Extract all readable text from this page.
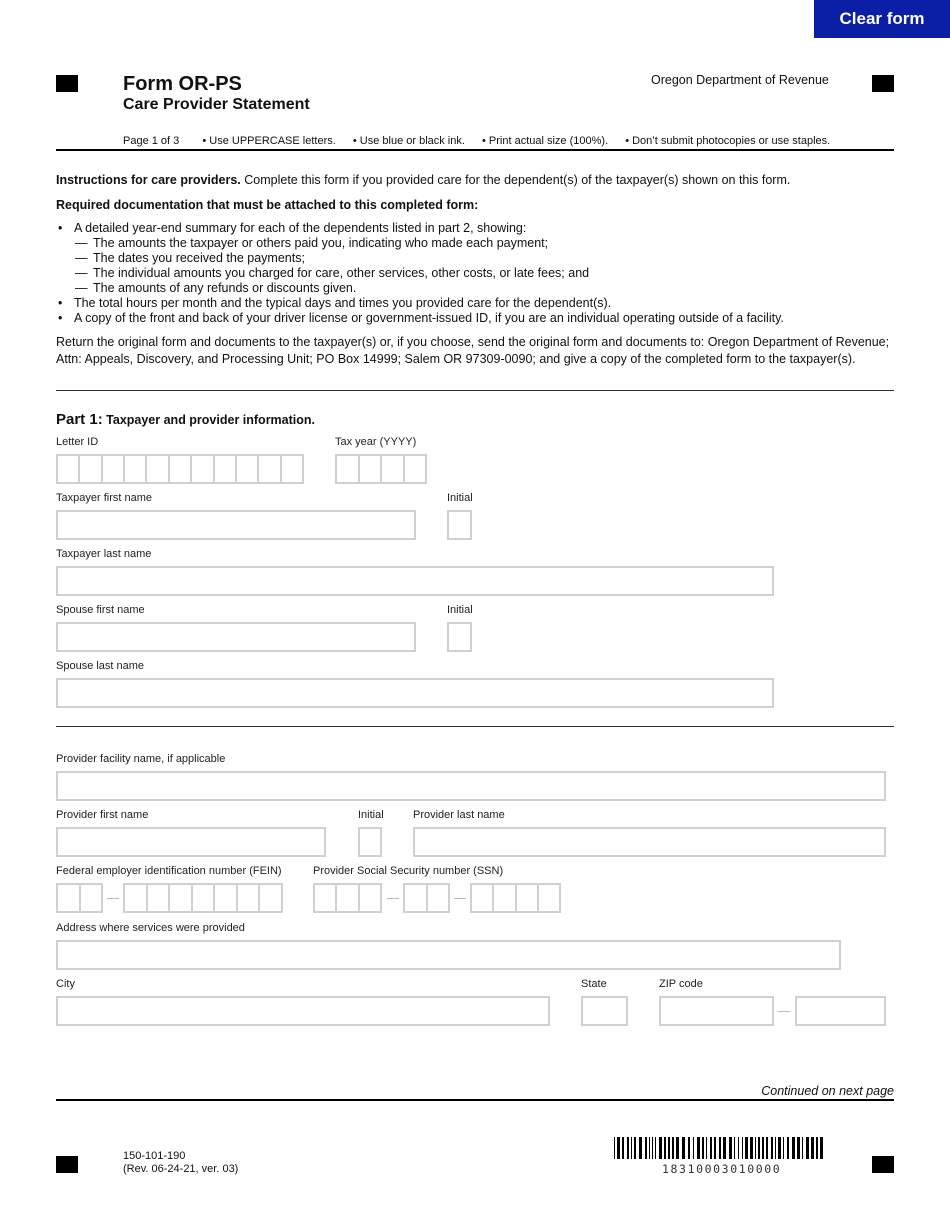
Clear form
Form OR-PS
Care Provider Statement
Oregon Department of Revenue
Page 1 of 3 • Use UPPERCASE letters. • Use blue or black ink. • Print actual size (100%). • Don’t submit photocopies or use staples.
Instructions for care providers. Complete this form if you provided care for the dependent(s) of the taxpayer(s) shown on this form.
Required documentation that must be attached to this completed form:
• A detailed year-end summary for each of the dependents listed in part 2, showing:
— The amounts the taxpayer or others paid you, indicating who made each payment;
— The dates you received the payments;
— The individual amounts you charged for care, other services, other costs, or late fees; and
— The amounts of any refunds or discounts given.
• The total hours per month and the typical days and times you provided care for the dependent(s).
• A copy of the front and back of your driver license or government-issued ID, if you are an individual operating outside of a facility.
Return the original form and documents to the taxpayer(s) or, if you choose, send the original form and documents to: Oregon Department of Revenue; Attn: Appeals, Discovery, and Processing Unit; PO Box 14999; Salem OR 97309-0090; and give a copy of the completed form to the taxpayer(s).
Part 1: Taxpayer and provider information.
Letter ID	Tax year (YYYY)
Taxpayer first name	Initial
Taxpayer last name
Spouse first name	Initial
Spouse last name
Provider facility name, if applicable
Provider first name	Initial	Provider last name
Federal employer identification number (FEIN)	Provider Social Security number (SSN)
Address where services were provided
City	State	ZIP code
Continued on next page
150-101-190
(Rev. 06-24-21, ver. 03)	18310003010000
